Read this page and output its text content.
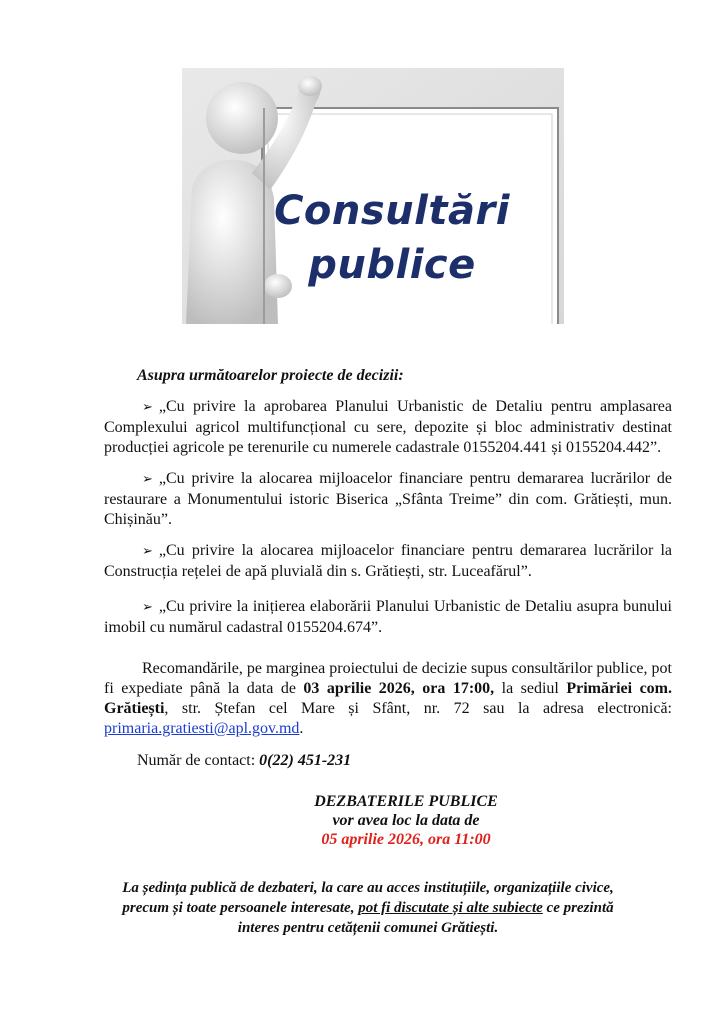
Consultări
publice
Asupra următoarelor proiecte de decizii:
➢ „Cu privire la aprobarea Planului Urbanistic de Detaliu pentru amplasarea Complexului agricol multifuncțional cu sere, depozite și bloc administrativ destinat producției agricole pe terenurile cu numerele cadastrale 0155204.441 și 0155204.442”.
➢ „Cu privire la alocarea mijloacelor financiare pentru demararea lucrărilor de restaurare a Monumentului istoric Biserica „Sfânta Treime” din com. Grătiești, mun. Chișinău”.
➢ „Cu privire la alocarea mijloacelor financiare pentru demararea lucrărilor la Construcția rețelei de apă pluvială din s. Grătiești, str. Luceafărul”.
➢ „Cu privire la inițierea elaborării Planului Urbanistic de Detaliu asupra bunului imobil cu numărul cadastral 0155204.674”.
Recomandările, pe marginea proiectului de decizie supus consultărilor publice, pot fi expediate până la data de 03 aprilie 2026, ora 17:00, la sediul Primăriei com. Grătiești, str. Ștefan cel Mare și Sfânt, nr. 72 sau la adresa electronică: primaria.gratiesti@apl.gov.md.
Număr de contact: 0(22) 451-231
DEZBATERILE PUBLICE
vor avea loc la data de
05 aprilie 2026, ora 11:00
La ședința publică de dezbateri, la care au acces instituțiile, organizațiile civice, precum și toate persoanele interesate, pot fi discutate și alte subiecte ce prezintă interes pentru cetățenii comunei Grătiești.
